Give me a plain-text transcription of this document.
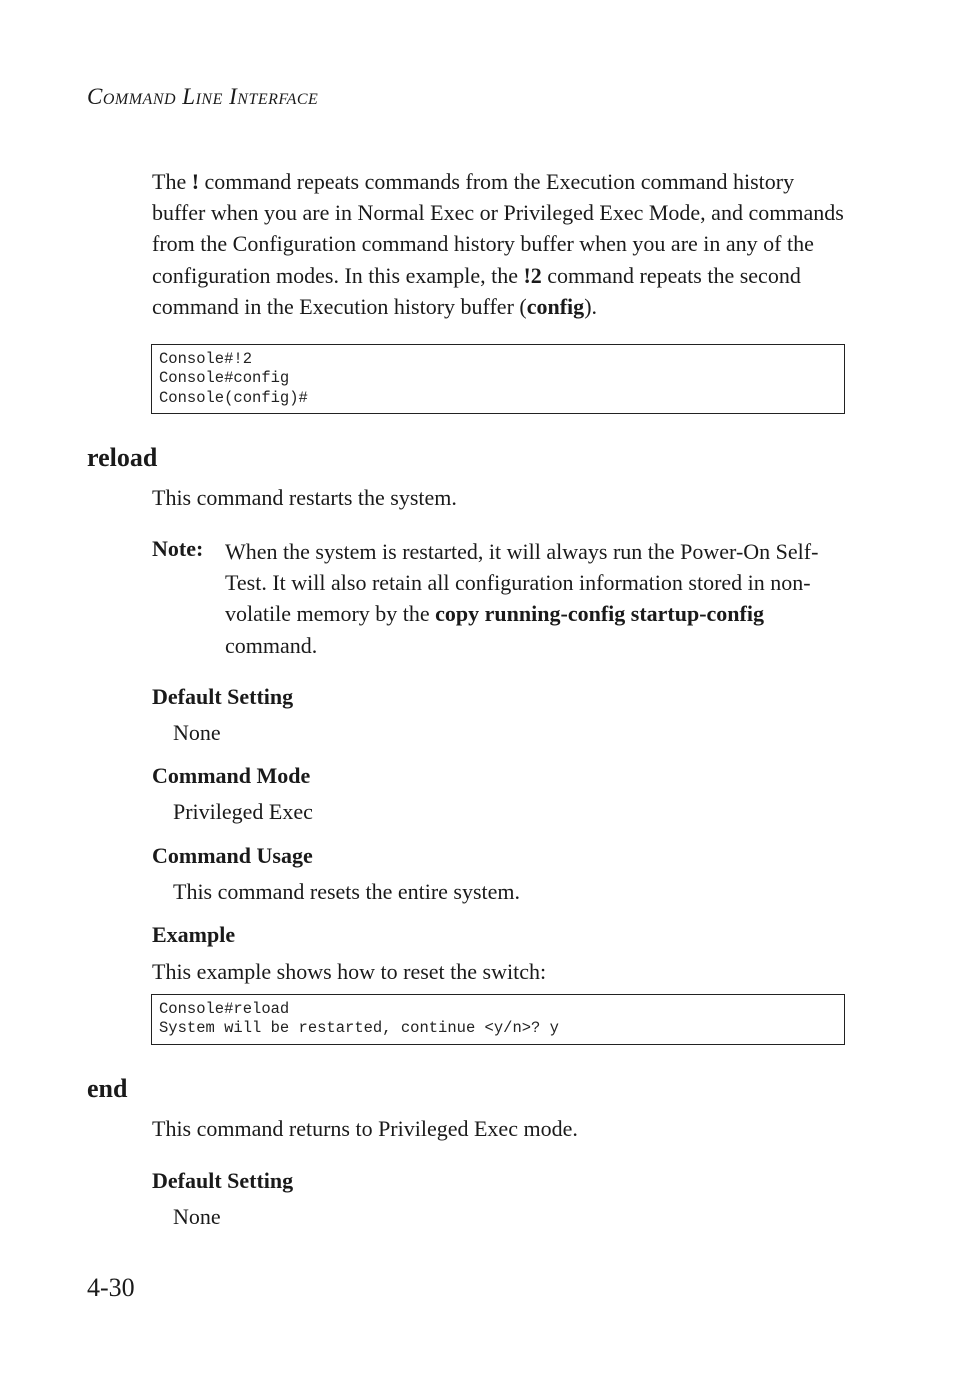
Command Line Interface
The ! command repeats commands from the Execution command history buffer when you are in Normal Exec or Privileged Exec Mode, and commands from the Configuration command history buffer when you are in any of the configuration modes. In this example, the !2 command repeats the second command in the Execution history buffer (config).
Console#!2
Console#config
Console(config)#
reload
This command restarts the system.
Note: When the system is restarted, it will always run the Power-On Self-Test. It will also retain all configuration information stored in non-volatile memory by the copy running-config startup-config command.
Default Setting
None
Command Mode
Privileged Exec
Command Usage
This command resets the entire system.
Example
This example shows how to reset the switch:
Console#reload
System will be restarted, continue <y/n>? y
end
This command returns to Privileged Exec mode.
Default Setting
None
4-30
